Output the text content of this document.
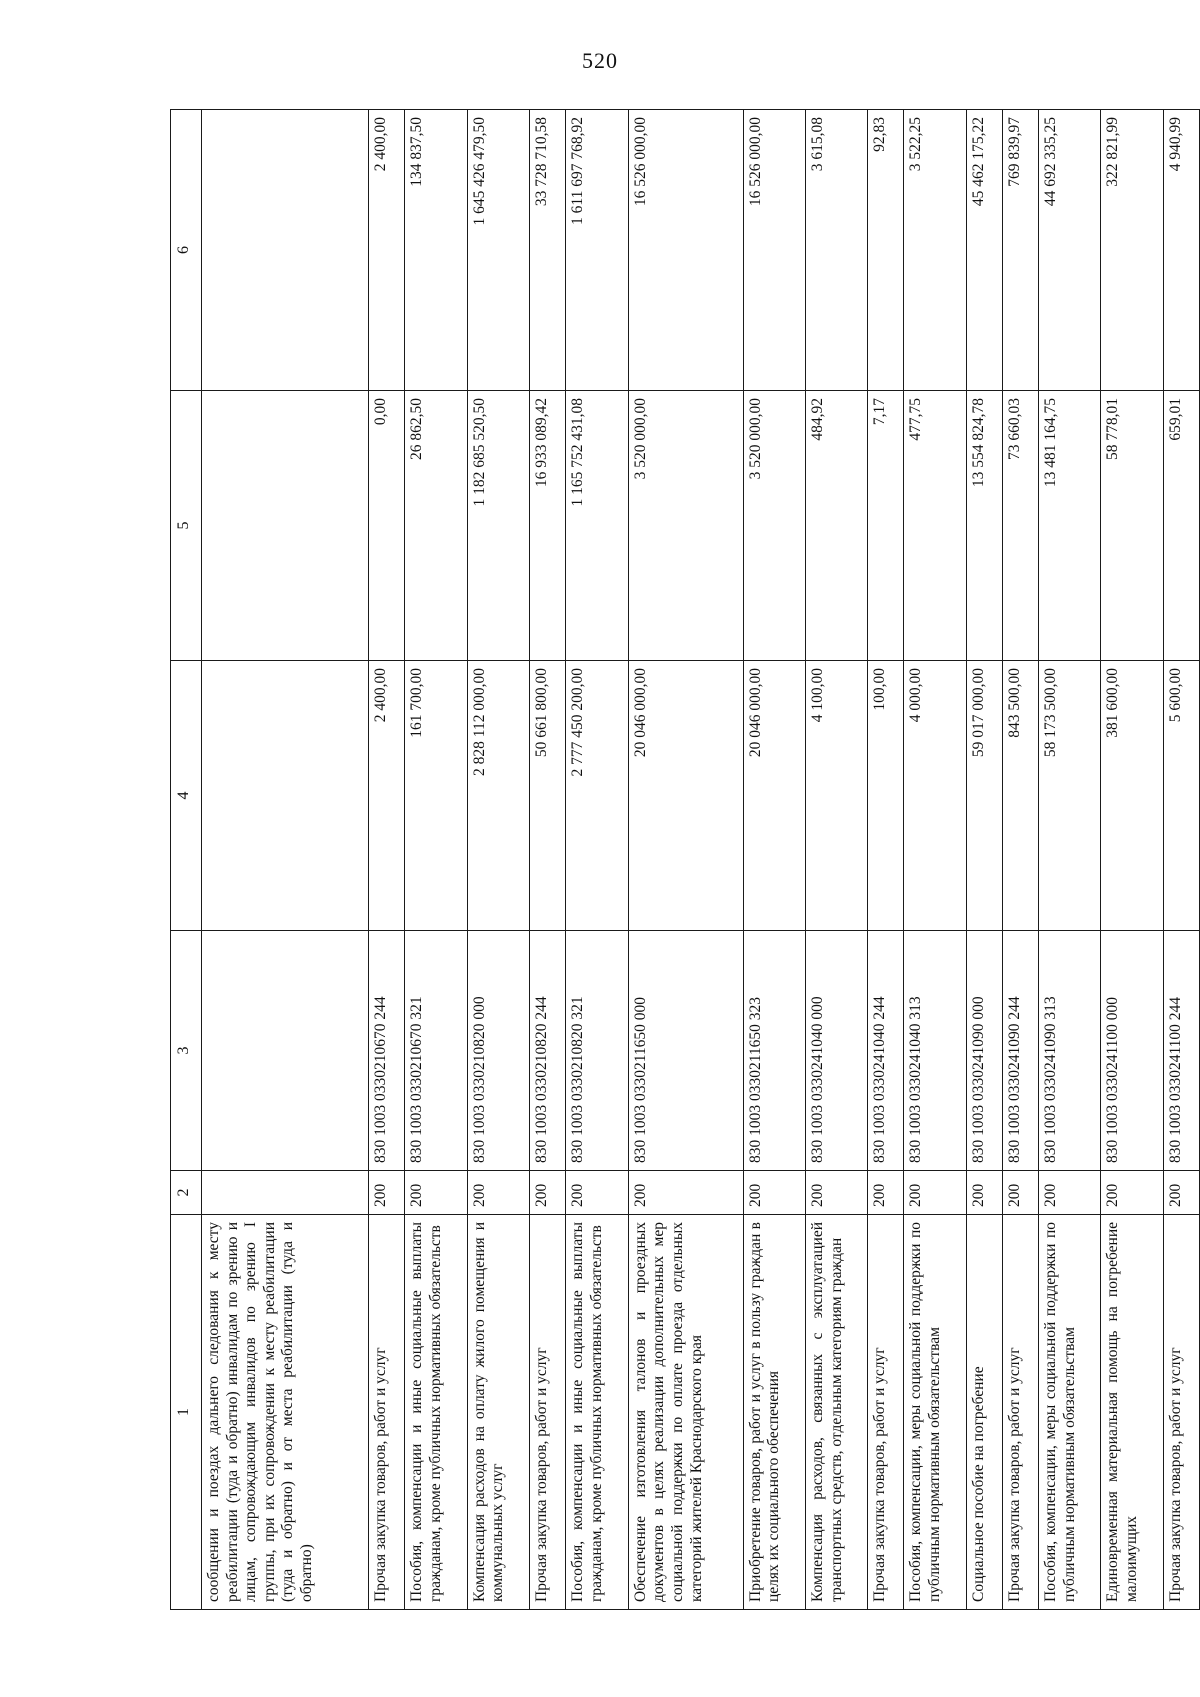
520
1	2	3	4	5	6
сообщении и поездах дальнего следования к месту реабилитации (туда и обратно) инвалидам по зрению и лицам, сопровождающим инвалидов по зрению I группы, при их сопровождении к месту реабилитации (туда и обратно) и от места реабилитации (туда и обратно)					
Прочая закупка товаров, работ и услуг	200	830 1003 0330210670 244	2 400,00	0,00	2 400,00
Пособия, компенсации и иные социальные выплаты гражданам, кроме публичных нормативных обязательств	200	830 1003 0330210670 321	161 700,00	26 862,50	134 837,50
Компенсация расходов на оплату жилого помещения и коммунальных услуг	200	830 1003 0330210820 000	2 828 112 000,00	1 182 685 520,50	1 645 426 479,50
Прочая закупка товаров, работ и услуг	200	830 1003 0330210820 244	50 661 800,00	16 933 089,42	33 728 710,58
Пособия, компенсации и иные социальные выплаты гражданам, кроме публичных нормативных обязательств	200	830 1003 0330210820 321	2 777 450 200,00	1 165 752 431,08	1 611 697 768,92
Обеспечение изготовления талонов и проездных документов в целях реализации дополнительных мер социальной поддержки по оплате проезда отдельных категорий жителей Краснодарского края	200	830 1003 0330211650 000	20 046 000,00	3 520 000,00	16 526 000,00
Приобретение товаров, работ и услуг в пользу граждан в целях их социального обеспечения	200	830 1003 0330211650 323	20 046 000,00	3 520 000,00	16 526 000,00
Компенсация расходов, связанных с эксплуатацией транспортных средств, отдельным категориям граждан	200	830 1003 0330241040 000	4 100,00	484,92	3 615,08
Прочая закупка товаров, работ и услуг	200	830 1003 0330241040 244	100,00	7,17	92,83
Пособия, компенсации, меры социальной поддержки по публичным нормативным обязательствам	200	830 1003 0330241040 313	4 000,00	477,75	3 522,25
Социальное пособие на погребение	200	830 1003 0330241090 000	59 017 000,00	13 554 824,78	45 462 175,22
Прочая закупка товаров, работ и услуг	200	830 1003 0330241090 244	843 500,00	73 660,03	769 839,97
Пособия, компенсации, меры социальной поддержки по публичным нормативным обязательствам	200	830 1003 0330241090 313	58 173 500,00	13 481 164,75	44 692 335,25
Единовременная материальная помощь на погребение малоимущих	200	830 1003 0330241100 000	381 600,00	58 778,01	322 821,99
Прочая закупка товаров, работ и услуг	200	830 1003 0330241100 244	5 600,00	659,01	4 940,99
